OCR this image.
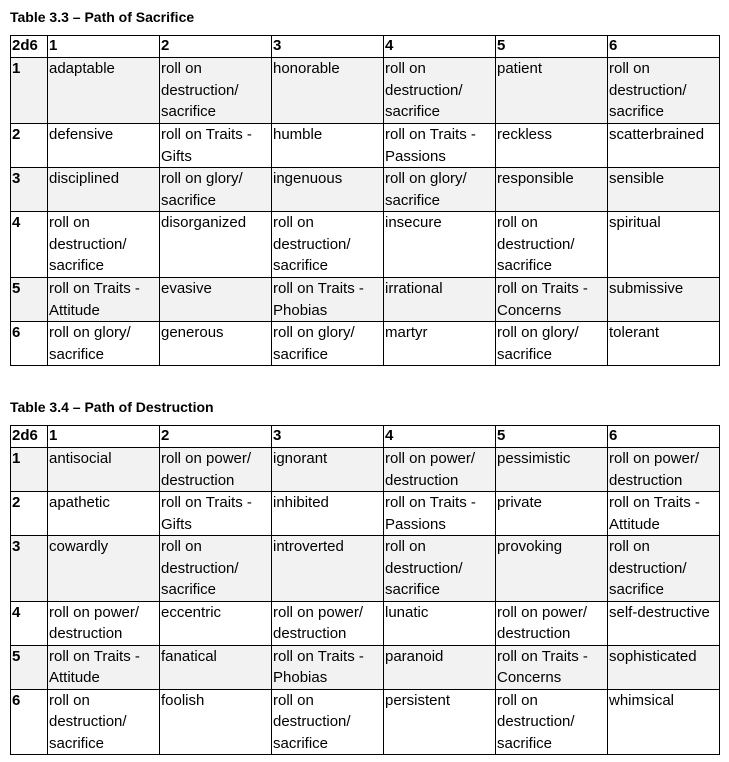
Table 3.3 – Path of Sacrifice
2d6	1	2	3	4	5	6
1	adaptable	roll on
destruction/
sacrifice	honorable	roll on
destruction/
sacrifice	patient	roll on
destruction/
sacrifice
2	defensive	roll on Traits -
Gifts	humble	roll on Traits -
Passions	reckless	scatterbrained
3	disciplined	roll on glory/
sacrifice	ingenuous	roll on glory/
sacrifice	responsible	sensible
4	roll on
destruction/
sacrifice	disorganized	roll on
destruction/
sacrifice	insecure	roll on
destruction/
sacrifice	spiritual
5	roll on Traits -
Attitude	evasive	roll on Traits -
Phobias	irrational	roll on Traits -
Concerns	submissive
6	roll on glory/
sacrifice	generous	roll on glory/
sacrifice	martyr	roll on glory/
sacrifice	tolerant
Table 3.4 – Path of Destruction
2d6	1	2	3	4	5	6
1	antisocial	roll on power/
destruction	ignorant	roll on power/
destruction	pessimistic	roll on power/
destruction
2	apathetic	roll on Traits -
Gifts	inhibited	roll on Traits -
Passions	private	roll on Traits -
Attitude
3	cowardly	roll on
destruction/
sacrifice	introverted	roll on
destruction/
sacrifice	provoking	roll on
destruction/
sacrifice
4	roll on power/
destruction	eccentric	roll on power/
destruction	lunatic	roll on power/
destruction	self-destructive
5	roll on Traits -
Attitude	fanatical	roll on Traits -
Phobias	paranoid	roll on Traits -
Concerns	sophisticated
6	roll on
destruction/
sacrifice	foolish	roll on
destruction/
sacrifice	persistent	roll on
destruction/
sacrifice	whimsical
